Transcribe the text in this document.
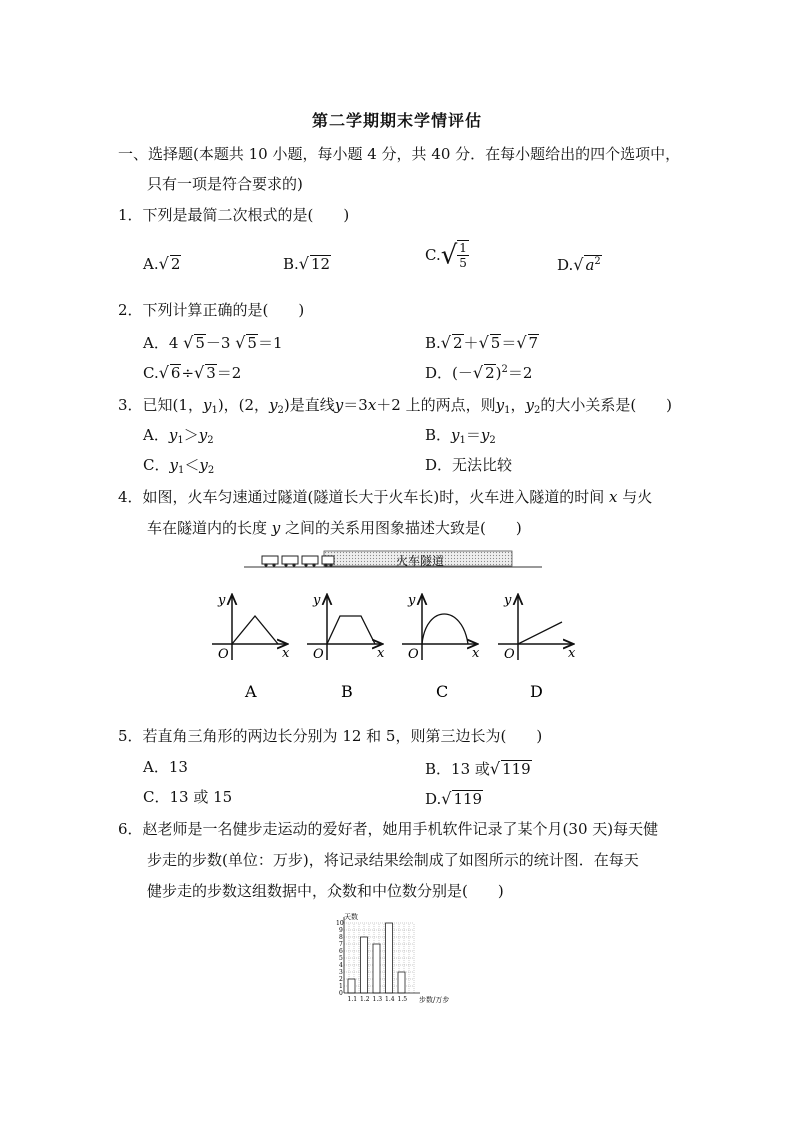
第二学期期末学情评估
一、选择题(本题共 10 小题，每小题 4 分，共 40 分．在每小题给出的四个选项中，
只有一项是符合要求的)
1．下列是最简二次根式的是(　　)
A.√ 2	B.√ 12
$C.√ \frac{1}{5}$	D.√ $a^2$
2．下列计算正确的是(　　)
A．4 √ 5－3 √ 5＝1	B.√ 2＋√ 5＝√ 7
C.√ 6÷√ 3＝2	D．(－√ 2)$^2$＝2
3．已知(1，$y_1$)，(2，$y_2$)是直线y＝3x＋2 上的两点，则$y_1$，$y_2$的大小关系是(　　)
A．$y_1>y_2$	B．$y_1=y_2$
C．$y_1<y_2$	D．无法比较
4．如图，火车匀速通过隧道(隧道长大于火车长)时，火车进入隧道的时间 x 与火
车在隧道内的长度 y 之间的关系用图象描述大致是(　　)
火车隧道
y
x
O
A
y
x
O
B
y
x
O
C
y
x
O
D
5．若直角三角形的两边长分别为 12 和 5，则第三边长为(　　)
A．13	B．13 或√ 119
C．13 或 15	D.√ 119
6．赵老师是一名健步走运动的爱好者，她用手机软件记录了某个月(30 天)每天健
步走的步数(单位：万步)，将记录结果绘制成了如图所示的统计图．在每天
健步走的步数这组数据中，众数和中位数分别是(　　)
1.1 1.2 1.3 1.4 1.5
0
1
2
3
4
5
6
7
8
9
10
天数
步数/万步
